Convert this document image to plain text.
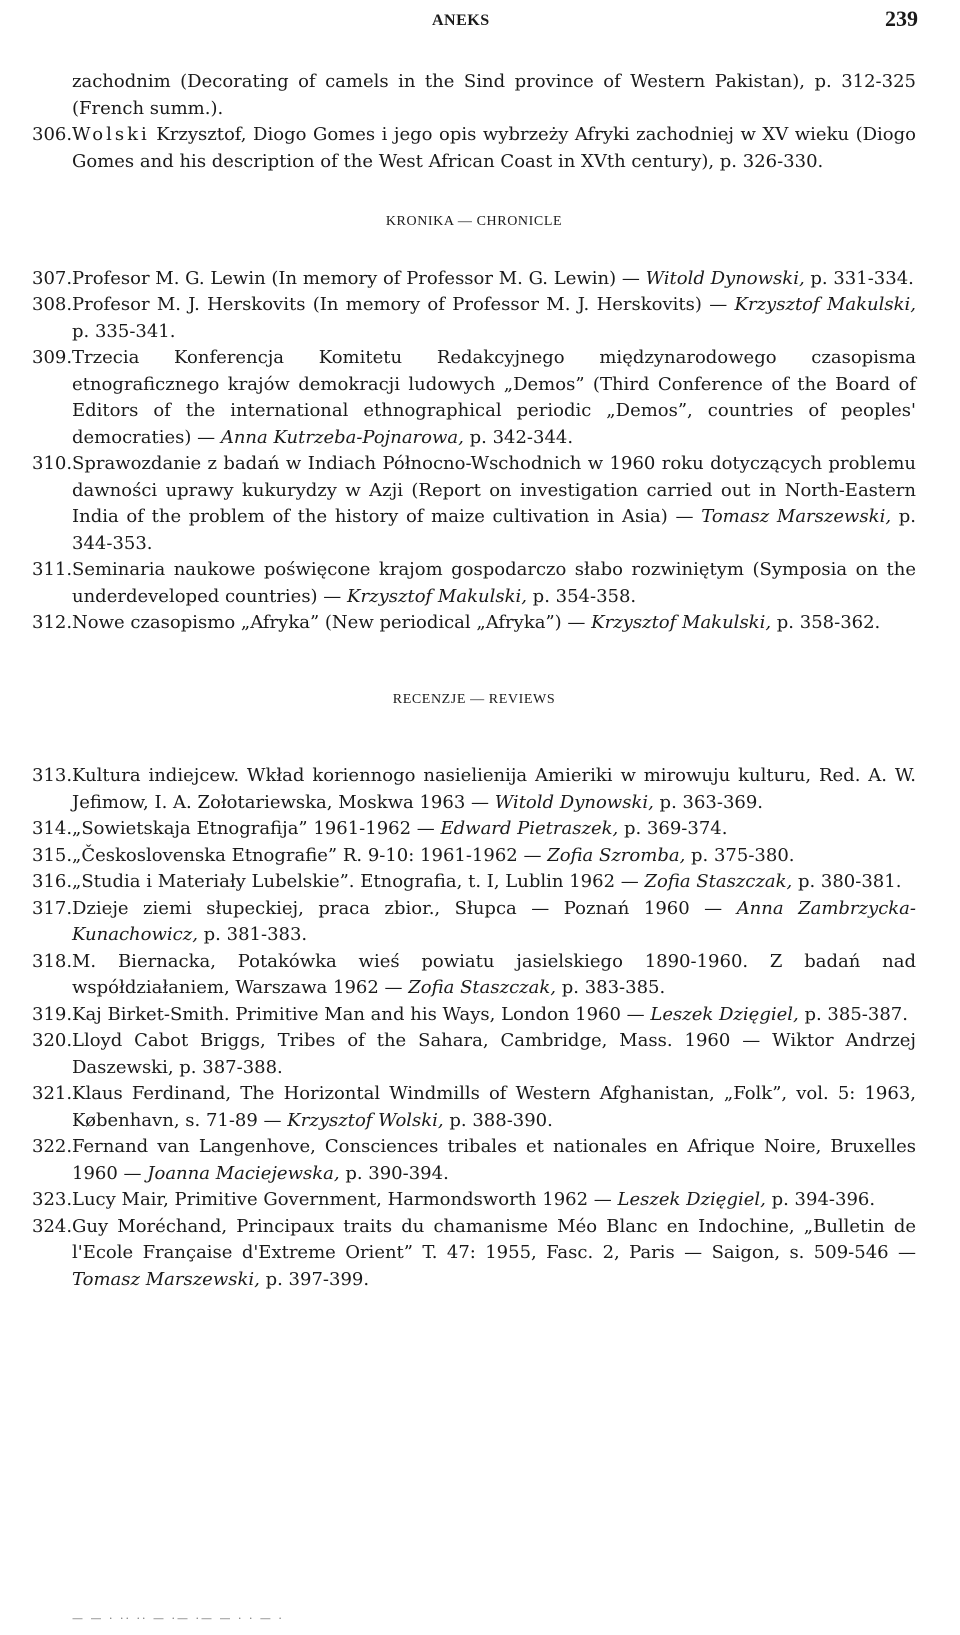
ANEKS	239
zachodnim (Decorating of camels in the Sind province of Western Pakistan), p. 312-325 (French summ.).
306. Wolski Krzysztof, Diogo Gomes i jego opis wybrzeży Afryki zachodniej w XV wieku (Diogo Gomes and his description of the West African Coast in XVth century), p. 326-330.
KRONIKA — CHRONICLE
307. Profesor M. G. Lewin (In memory of Professor M. G. Lewin) — Witold Dynowski, p. 331-334.
308. Profesor M. J. Herskovits (In memory of Professor M. J. Herskovits) — Krzysztof Makulski, p. 335-341.
309. Trzecia Konferencja Komitetu Redakcyjnego międzynarodowego czasopisma etnograficznego krajów demokracji ludowych „Demos” (Third Conference of the Board of Editors of the international ethnographical periodic „Demos”, countries of peoples' democraties) — Anna Kutrzeba-Pojnarowa, p. 342-344.
310. Sprawozdanie z badań w Indiach Północno-Wschodnich w 1960 roku dotyczących problemu dawności uprawy kukurydzy w Azji (Report on investigation carried out in North-Eastern India of the problem of the history of maize cultivation in Asia) — Tomasz Marszewski, p. 344-353.
311. Seminaria naukowe poświęcone krajom gospodarczo słabo rozwiniętym (Symposia on the underdeveloped countries) — Krzysztof Makulski, p. 354-358.
312. Nowe czasopismo „Afryka” (New periodical „Afryka”) — Krzysztof Makulski, p. 358-362.
RECENZJE — REVIEWS
313. Kultura indiejcew. Wkład koriennogo nasielienija Amieriki w mirowuju kulturu, Red. A. W. Jefimow, I. A. Zołotariewska, Moskwa 1963 — Witold Dynowski, p. 363-369.
314. „Sowietskaja Etnografija” 1961-1962 — Edward Pietraszek, p. 369-374.
315. „Československa Etnografie” R. 9-10: 1961-1962 — Zofia Szromba, p. 375-380.
316. „Studia i Materiały Lubelskie”. Etnografia, t. I, Lublin 1962 — Zofia Staszczak, p. 380-381.
317. Dzieje ziemi słupeckiej, praca zbior., Słupca — Poznań 1960 — Anna Zambrzycka-Kunachowicz, p. 381-383.
318. M. Biernacka, Potakówka wieś powiatu jasielskiego 1890-1960. Z badań nad współdziałaniem, Warszawa 1962 — Zofia Staszczak, p. 383-385.
319. Kaj Birket-Smith. Primitive Man and his Ways, London 1960 — Leszek Dzięgiel, p. 385-387.
320. Lloyd Cabot Briggs, Tribes of the Sahara, Cambridge, Mass. 1960 — Wiktor Andrzej Daszewski, p. 387-388.
321. Klaus Ferdinand, The Horizontal Windmills of Western Afghanistan, „Folk”, vol. 5: 1963, København, s. 71-89 — Krzysztof Wolski, p. 388-390.
322. Fernand van Langenhove, Consciences tribales et nationales en Afrique Noire, Bruxelles 1960 — Joanna Maciejewska, p. 390-394.
323. Lucy Mair, Primitive Government, Harmondsworth 1962 — Leszek Dzięgiel, p. 394-396.
324. Guy Moréchand, Principaux traits du chamanisme Méo Blanc en Indochine, „Bulletin de l'Ecole Française d'Extreme Orient” T. 47: 1955, Fasc. 2, Paris — Saigon, s. 509-546 — Tomasz Marszewski, p. 397-399.
— — · ·· ·· — ·— ·— — · · — ·
